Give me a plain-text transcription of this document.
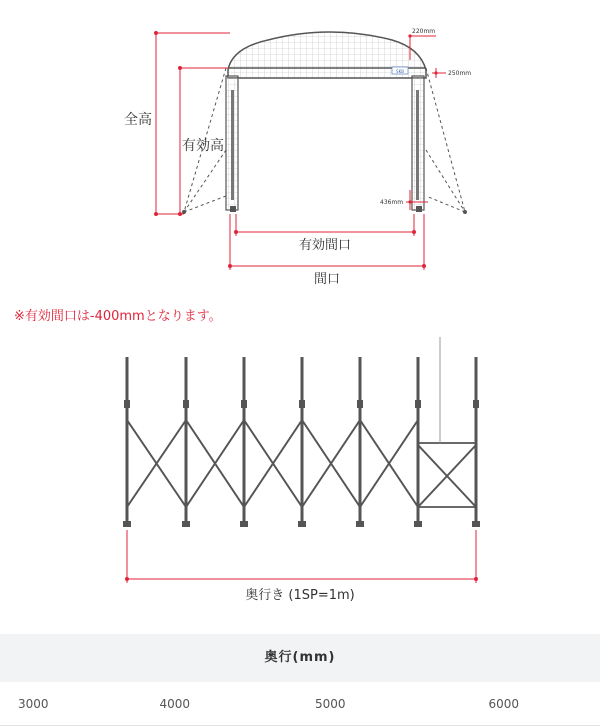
SKB
全高
有効高
有効間口
間口
220mm
250mm
436mm
※有効間口は-400mmとなります。
奥行き (1SP=1m)
奥行(mm)
3000	4000	5000	6000
